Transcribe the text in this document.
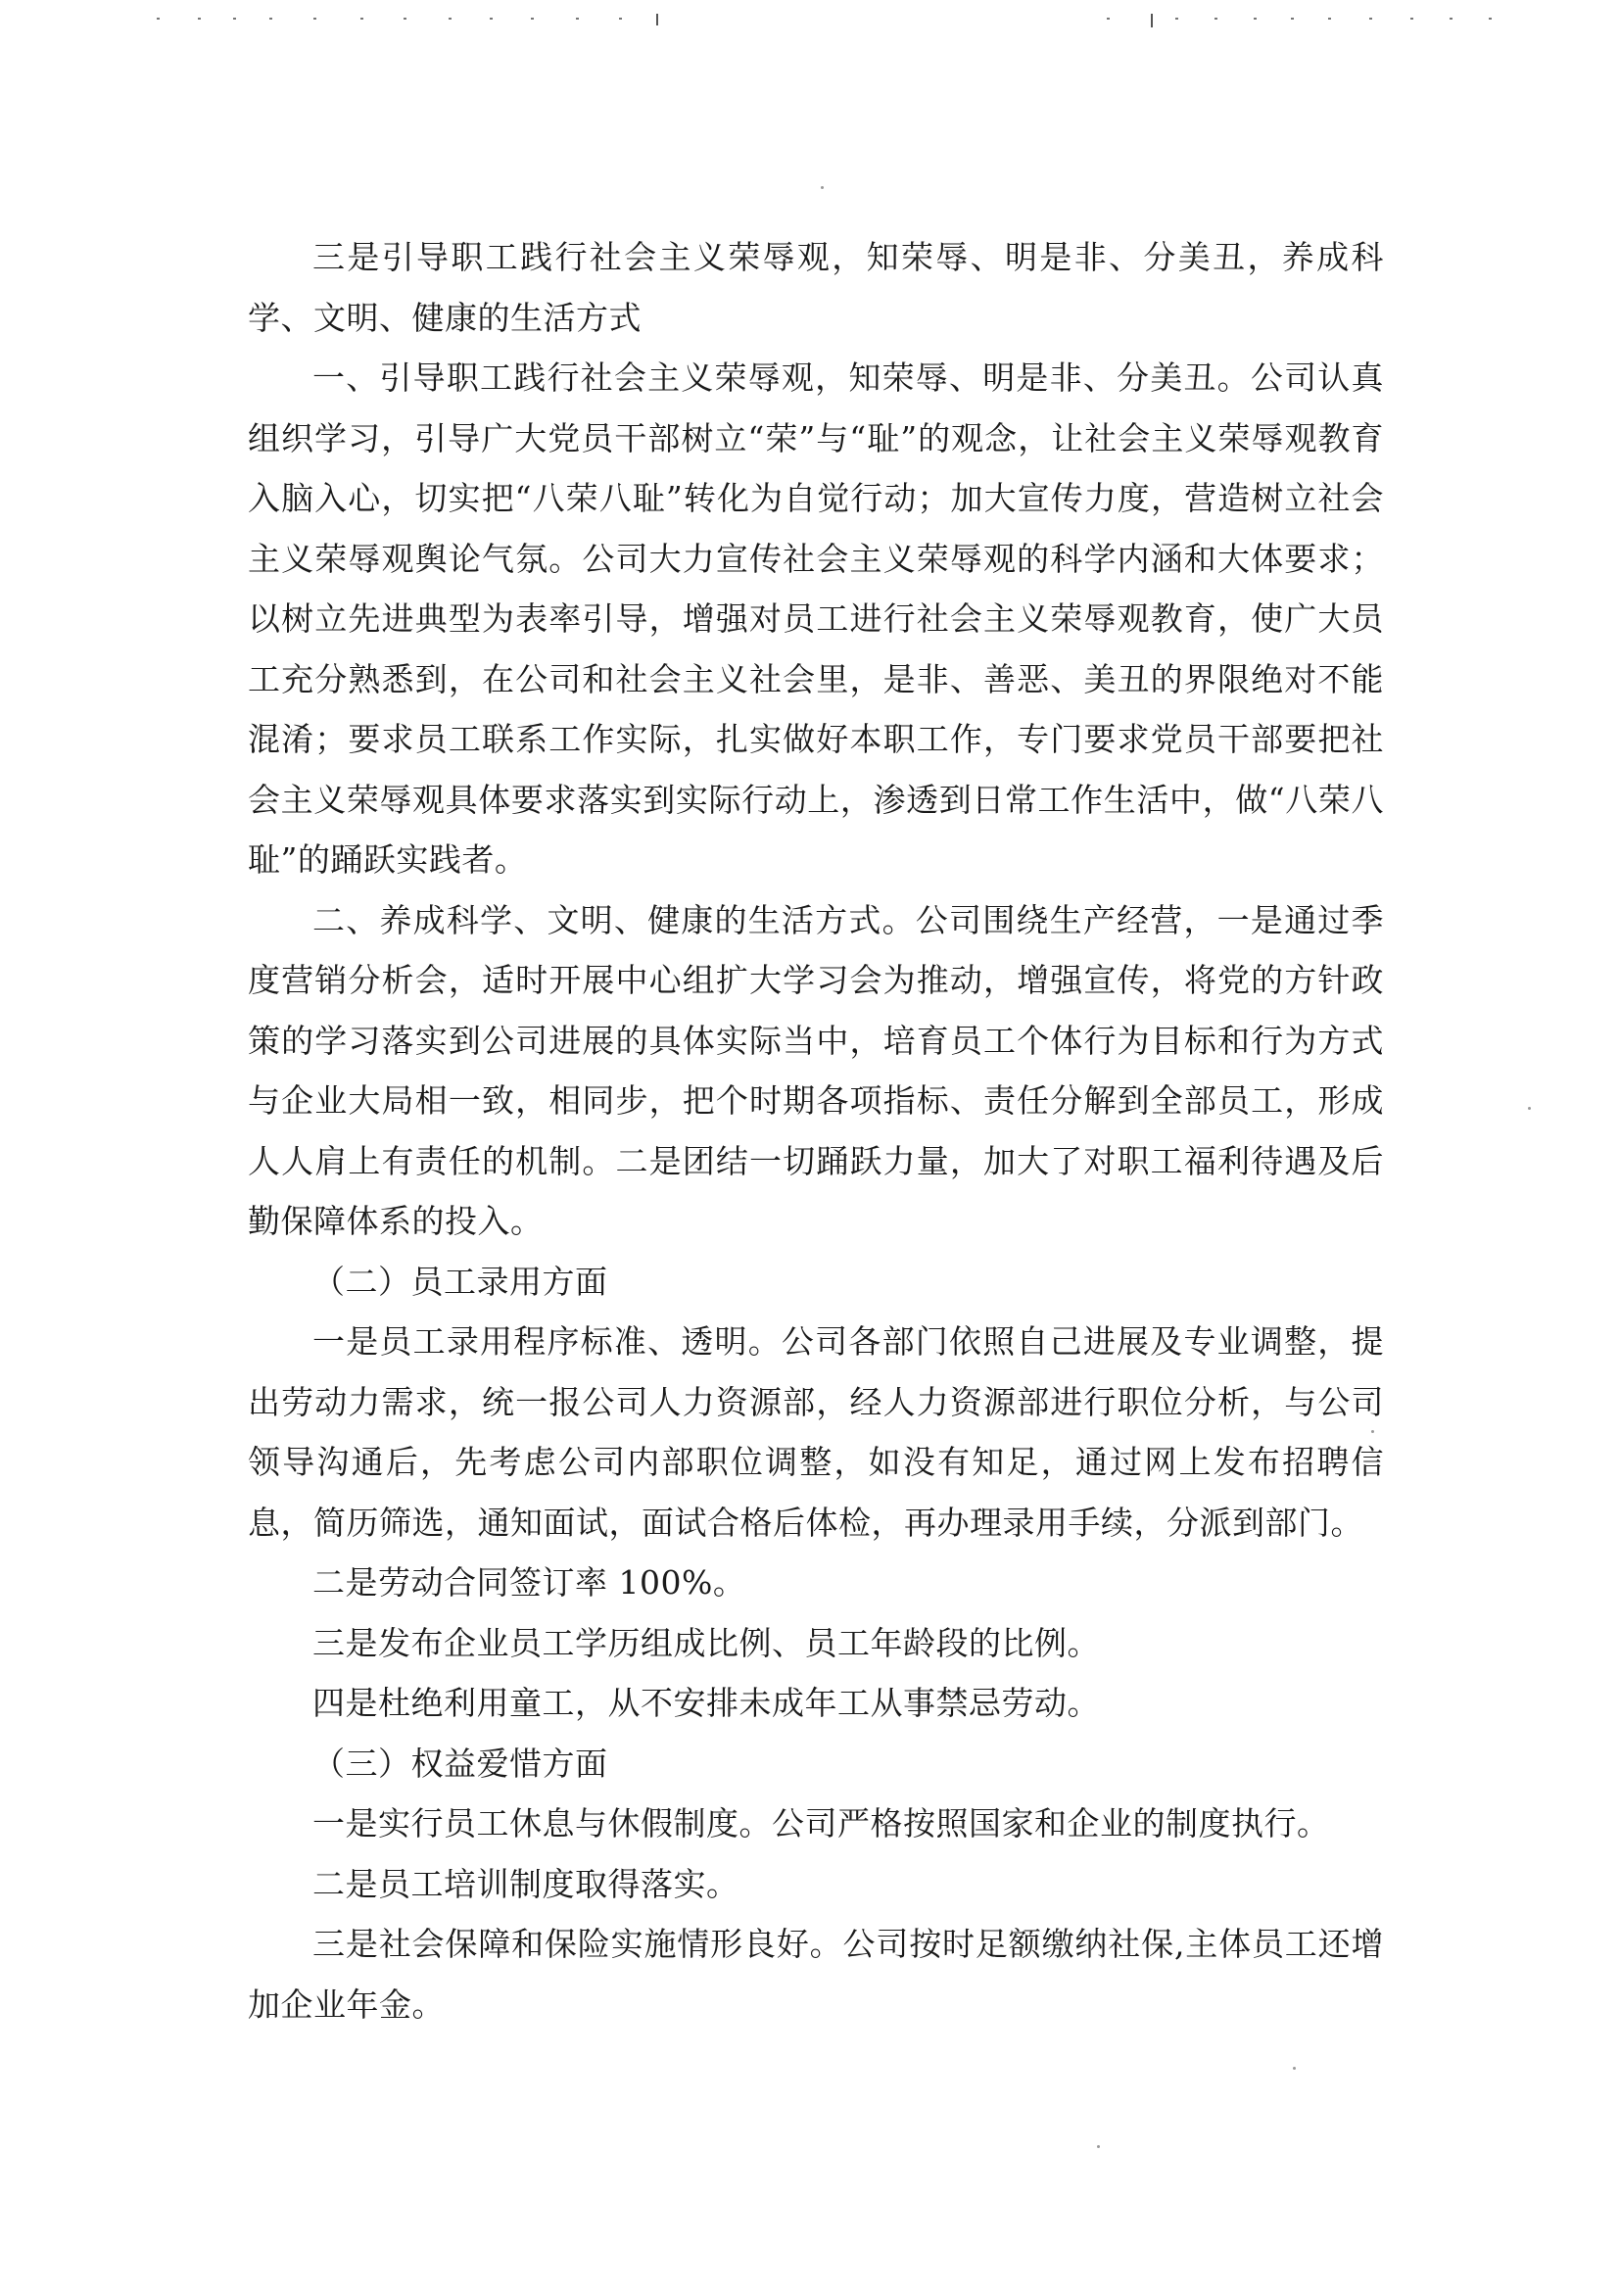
三是引导职工践行社会主义荣辱观，知荣辱、明是非、分美丑，养成科学、文明、健康的生活方式

一、引导职工践行社会主义荣辱观，知荣辱、明是非、分美丑。公司认真组织学习，引导广大党员干部树立“荣”与“耻”的观念，让社会主义荣辱观教育入脑入心，切实把“八荣八耻”转化为自觉行动；加大宣传力度，营造树立社会主义荣辱观舆论气氛。公司大力宣传社会主义荣辱观的科学内涵和大体要求；以树立先进典型为表率引导，增强对员工进行社会主义荣辱观教育，使广大员工充分熟悉到，在公司和社会主义社会里，是非、善恶、美丑的界限绝对不能混淆；要求员工联系工作实际，扎实做好本职工作，专门要求党员干部要把社会主义荣辱观具体要求落实到实际行动上，渗透到日常工作生活中，做“八荣八耻”的踊跃实践者。

二、养成科学、文明、健康的生活方式。公司围绕生产经营，一是通过季度营销分析会，适时开展中心组扩大学习会为推动，增强宣传，将党的方针政策的学习落实到公司进展的具体实际当中，培育员工个体行为目标和行为方式与企业大局相一致，相同步，把个时期各项指标、责任分解到全部员工，形成人人肩上有责任的机制。二是团结一切踊跃力量，加大了对职工福利待遇及后勤保障体系的投入。

（二）员工录用方面

一是员工录用程序标准、透明。公司各部门依照自己进展及专业调整，提出劳动力需求，统一报公司人力资源部，经人力资源部进行职位分析，与公司领导沟通后，先考虑公司内部职位调整，如没有知足，通过网上发布招聘信息，简历筛选，通知面试，面试合格后体检，再办理录用手续，分派到部门。

二是劳动合同签订率 100%。

三是发布企业员工学历组成比例、员工年龄段的比例。

四是杜绝利用童工，从不安排未成年工从事禁忌劳动。

（三）权益爱惜方面

一是实行员工休息与休假制度。公司严格按照国家和企业的制度执行。

二是员工培训制度取得落实。

三是社会保障和保险实施情形良好。公司按时足额缴纳社保,主体员工还增加企业年金。
